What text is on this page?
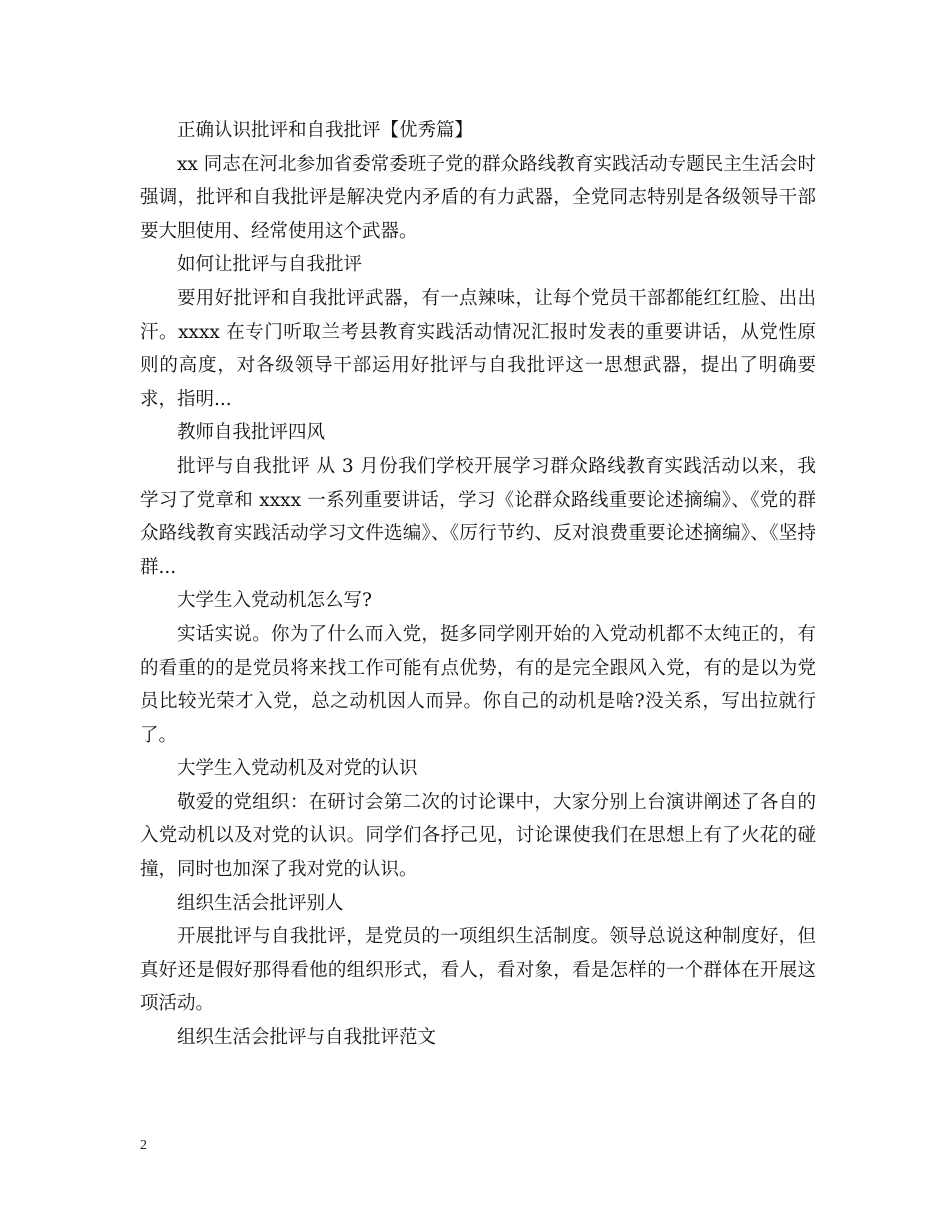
正确认识批评和自我批评【优秀篇】

xx 同志在河北参加省委常委班子党的群众路线教育实践活动专题民主生活会时强调，批评和自我批评是解决党内矛盾的有力武器，全党同志特别是各级领导干部要大胆使用、经常使用这个武器。

如何让批评与自我批评

要用好批评和自我批评武器，有一点辣味，让每个党员干部都能红红脸、出出汗。xxxx 在专门听取兰考县教育实践活动情况汇报时发表的重要讲话，从党性原则的高度，对各级领导干部运用好批评与自我批评这一思想武器，提出了明确要求，指明...

教师自我批评四风

批评与自我批评 从 3 月份我们学校开展学习群众路线教育实践活动以来，我学习了党章和 xxxx 一系列重要讲话，学习《论群众路线重要论述摘编》、《党的群众路线教育实践活动学习文件选编》、《厉行节约、反对浪费重要论述摘编》、《坚持群...

大学生入党动机怎么写?

实话实说。你为了什么而入党，挺多同学刚开始的入党动机都不太纯正的，有的看重的的是党员将来找工作可能有点优势，有的是完全跟风入党，有的是以为党员比较光荣才入党，总之动机因人而异。你自己的动机是啥?没关系，写出拉就行了。

大学生入党动机及对党的认识

敬爱的党组织：在研讨会第二次的讨论课中，大家分别上台演讲阐述了各自的入党动机以及对党的认识。同学们各抒己见，讨论课使我们在思想上有了火花的碰撞，同时也加深了我对党的认识。

组织生活会批评别人

开展批评与自我批评，是党员的一项组织生活制度。领导总说这种制度好，但真好还是假好那得看他的组织形式，看人，看对象，看是怎样的一个群体在开展这项活动。

组织生活会批评与自我批评范文

2
